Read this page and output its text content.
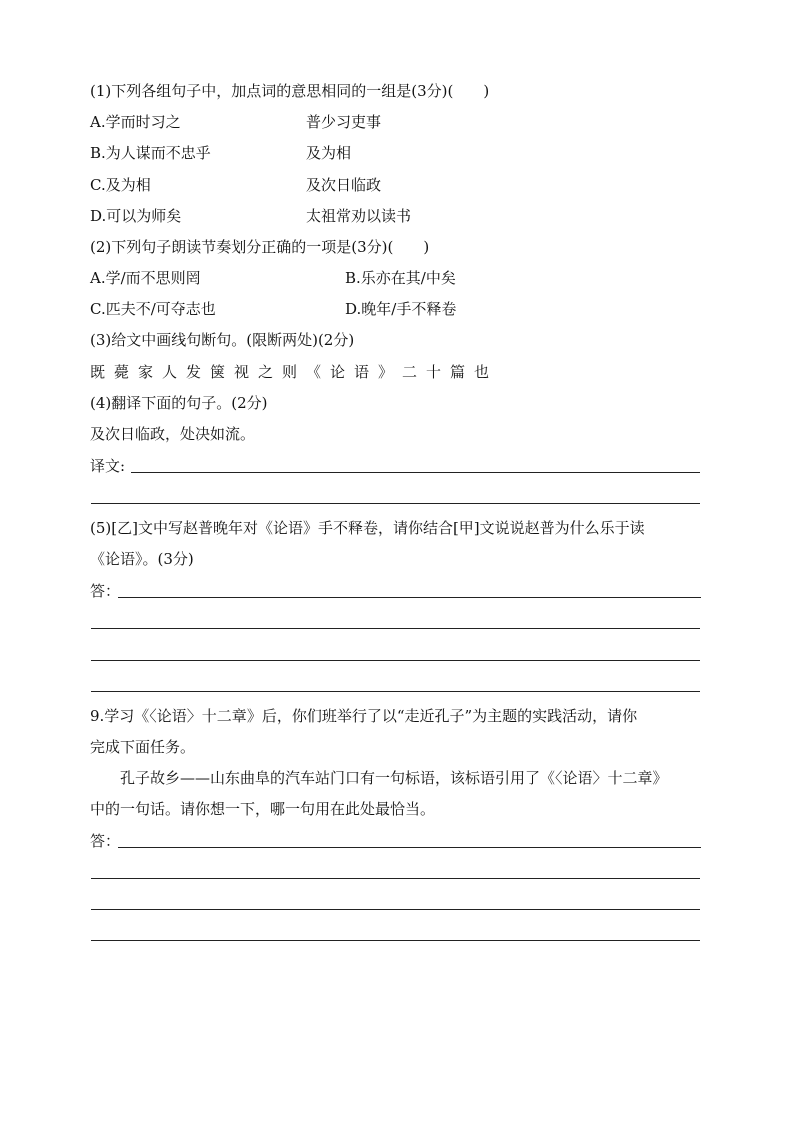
(1)下列各组句子中，加点词的意思相同的一组是(3分)(　　)
A.学而时习之	普少习吏事
B.为人谋而不忠乎	及为相
C.及为相	及次日临政
D.可以为师矣	太祖常劝以读书
(2)下列句子朗读节奏划分正确的一项是(3分)(　　)
A.学/而不思则罔	B.乐亦在其/中矣
C.匹夫不/可夺志也	D.晚年/手不释卷
(3)给文中画线句断句。(限断两处)(2分)
既薨家人发箧视之则《论语》二十篇也
(4)翻译下面的句子。(2分)
及次日临政，处决如流。
译文:
(5)[乙]文中写赵普晚年对《论语》手不释卷，请你结合[甲]文说说赵普为什么乐于读
《论语》。(3分)
答：
9.学习《〈论语〉十二章》后，你们班举行了以“走近孔子”为主题的实践活动，请你
完成下面任务。
孔子故乡——山东曲阜的汽车站门口有一句标语，该标语引用了《〈论语〉十二章》
中的一句话。请你想一下，哪一句用在此处最恰当。
答：
